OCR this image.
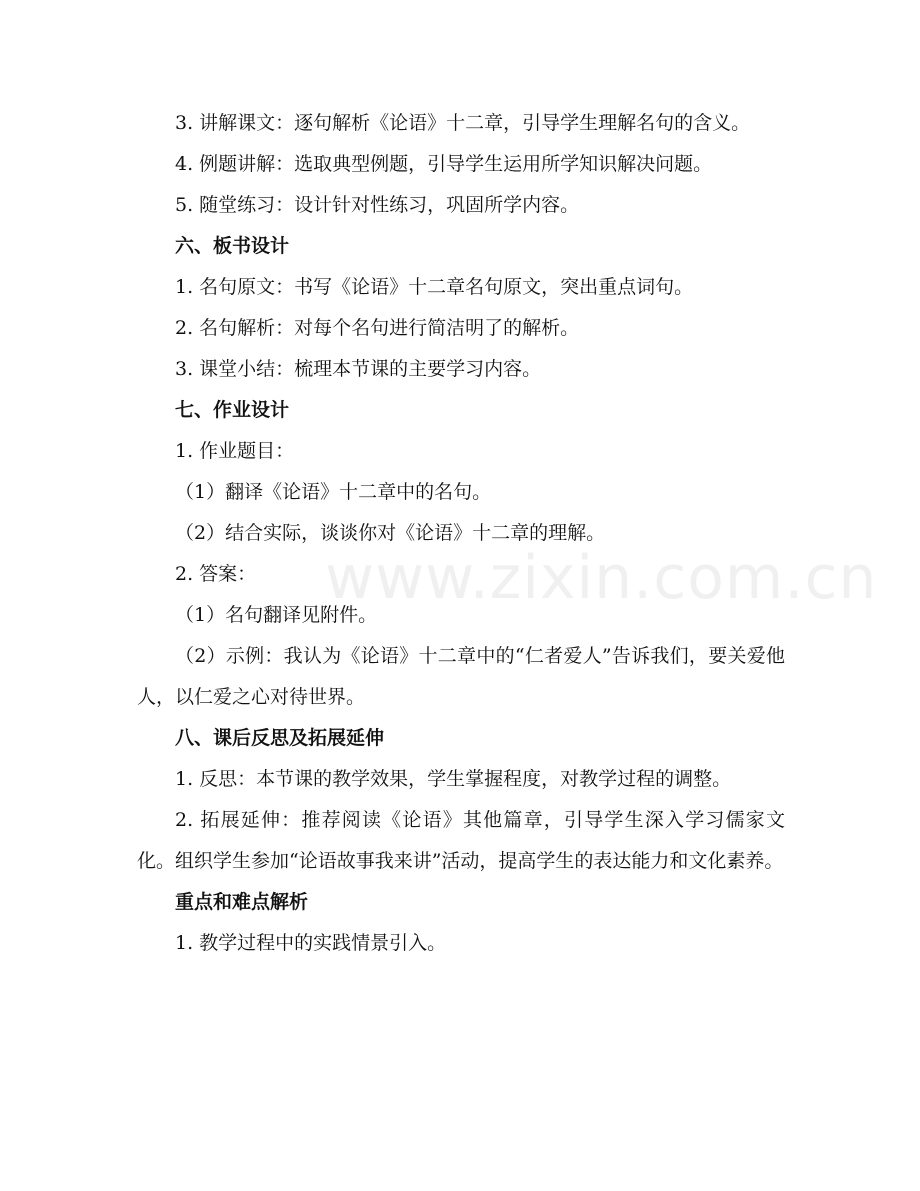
3. 讲解课文：逐句解析《论语》十二章，引导学生理解名句的含义。

4. 例题讲解：选取典型例题，引导学生运用所学知识解决问题。

5. 随堂练习：设计针对性练习，巩固所学内容。

六、板书设计

1. 名句原文：书写《论语》十二章名句原文，突出重点词句。

2. 名句解析：对每个名句进行简洁明了的解析。

3. 课堂小结：梳理本节课的主要学习内容。

七、作业设计

1. 作业题目：

（1）翻译《论语》十二章中的名句。

（2）结合实际，谈谈你对《论语》十二章的理解。

2. 答案：

（1）名句翻译见附件。

（2）示例：我认为《论语》十二章中的“仁者爱人”告诉我们，要关爱他人，以仁爱之心对待世界。

八、课后反思及拓展延伸

1. 反思：本节课的教学效果，学生掌握程度，对教学过程的调整。

2. 拓展延伸：推荐阅读《论语》其他篇章，引导学生深入学习儒家文化。组织学生参加“论语故事我来讲”活动，提高学生的表达能力和文化素养。

重点和难点解析

1. 教学过程中的实践情景引入。

www.zixin.com.cn
